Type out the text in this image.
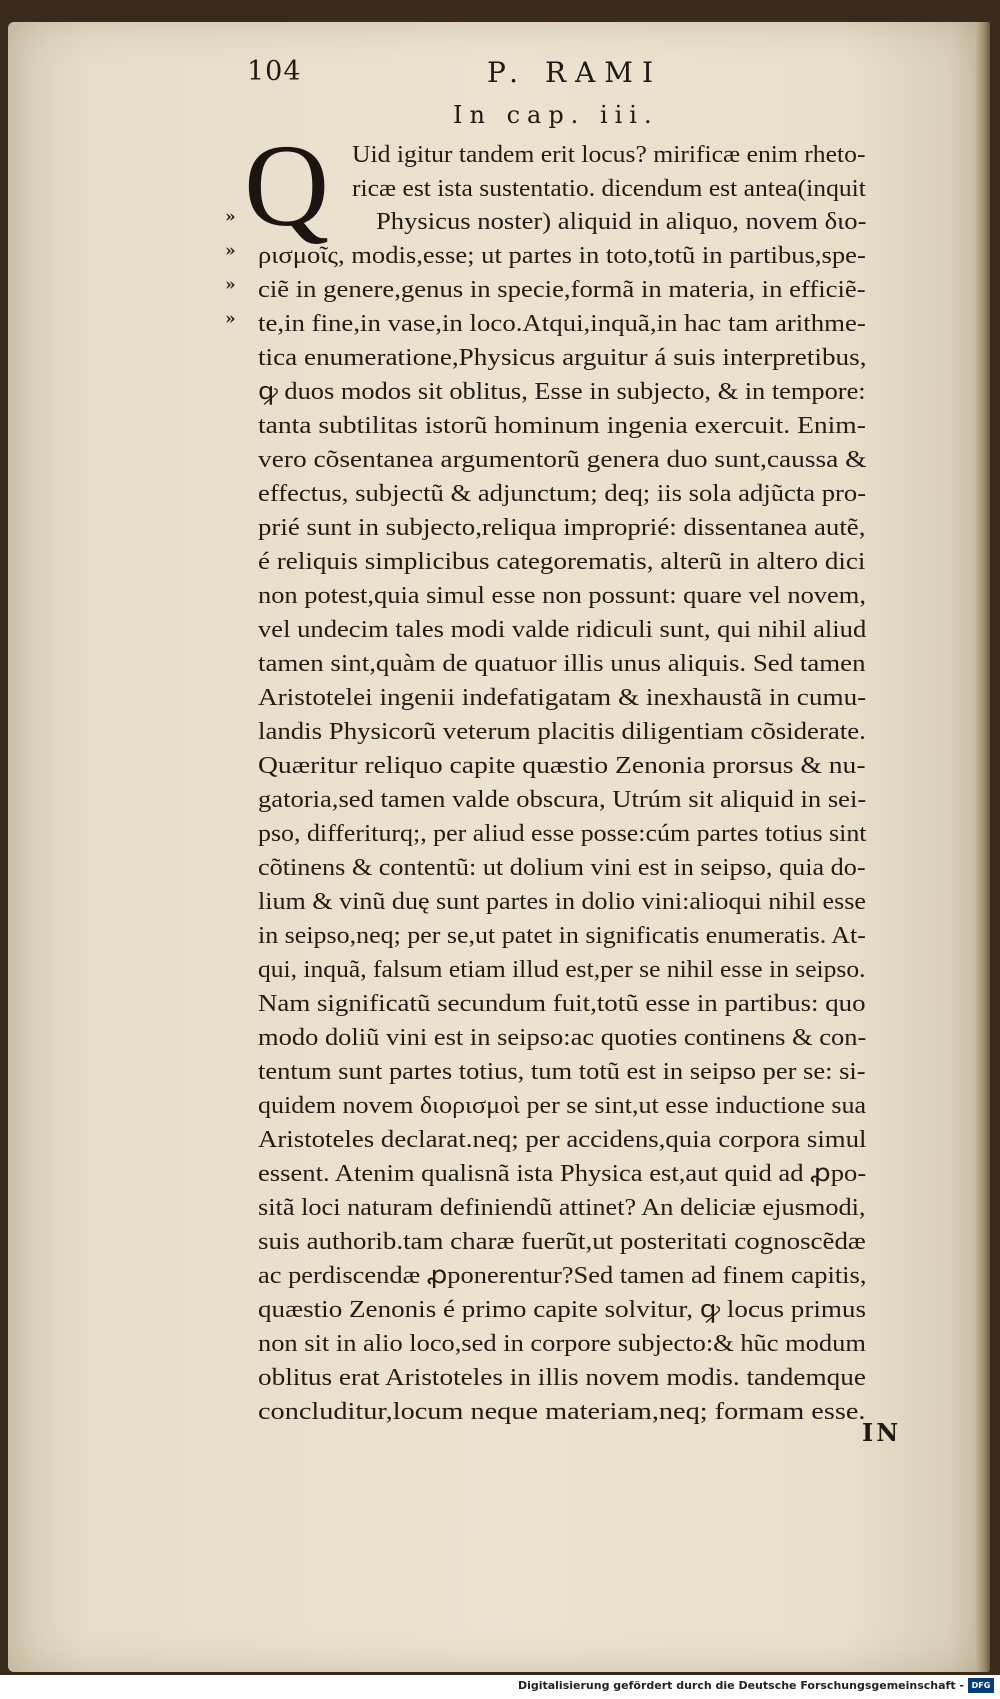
104	P. RAMI
In cap. iii.
Q
»
»
»
»
Uid igitur tandem erit locus? mirificæ enim rheto-
ricæ est ista sustentatio. dicendum est antea(inquit
Physicus noster) aliquid in aliquo, novem διο-
ρισμοῖς, modis,esse; ut partes in toto,totũ in partibus,spe-
ciẽ in genere,genus in specie,formã in materia, in efficiẽ-
te,in fine,in vase,in loco.Atqui,inquã,in hac tam arithme-
tica enumeratione,Physicus arguitur á suis interpretibus,
ꝙ duos modos sit oblitus, Esse in subjecto, & in tempore:
tanta subtilitas istorũ hominum ingenia exercuit. Enim-
vero cõsentanea argumentorũ genera duo sunt,caussa &
effectus, subjectũ & adjunctum; deq; iis sola adjũcta pro-
prié sunt in subjecto,reliqua improprié: dissentanea autẽ,
é reliquis simplicibus categorematis, alterũ in altero dici
non potest,quia simul esse non possunt: quare vel novem,
vel undecim tales modi valde ridiculi sunt, qui nihil aliud
tamen sint,quàm de quatuor illis unus aliquis. Sed tamen
Aristotelei ingenii indefatigatam & inexhaustã in cumu-
landis Physicorũ veterum placitis diligentiam cõsiderate.
Quæritur reliquo capite quæstio Zenonia prorsus & nu-
gatoria,sed tamen valde obscura, Utrúm sit aliquid in sei-
pso, differiturq;, per aliud esse posse:cúm partes totius sint
cõtinens & contentũ: ut dolium vini est in seipso, quia do-
lium & vinũ duę sunt partes in dolio vini:alioqui nihil esse
in seipso,neq; per se,ut patet in significatis enumeratis. At-
qui, inquã, falsum etiam illud est,per se nihil esse in seipso.
Nam significatũ secundum fuit,totũ esse in partibus: quo
modo doliũ vini est in seipso:ac quoties continens & con-
tentum sunt partes totius, tum totũ est in seipso per se: si-
quidem novem διορισμοὶ per se sint,ut esse inductione sua
Aristoteles declarat.neq; per accidens,quia corpora simul
essent. Atenim qualisnã ista Physica est,aut quid ad ꝓpo-
sitã loci naturam definiendũ attinet? An deliciæ ejusmodi,
suis authorib.tam charæ fuerũt,ut posteritati cognoscẽdæ
ac perdiscendæ ꝓponerentur?Sed tamen ad finem capitis,
quæstio Zenonis é primo capite solvitur, ꝙ locus primus
non sit in alio loco,sed in corpore subjecto:& hũc modum
oblitus erat Aristoteles in illis novem modis. tandemque
concluditur,locum neque materiam,neq; formam esse.
IN
Digitalisierung gefördert durch die Deutsche Forschungsgemeinschaft - DFG
